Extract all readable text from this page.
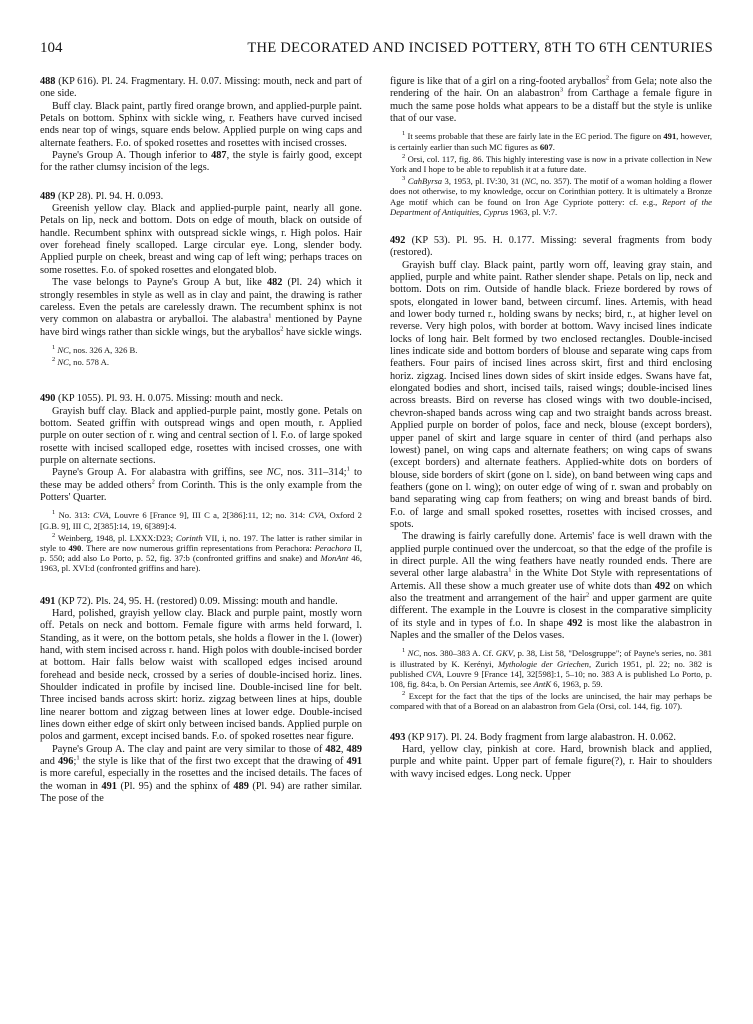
104	THE DECORATED AND INCISED POTTERY, 8TH TO 6TH CENTURIES

488 (KP 616). Pl. 24. Fragmentary. H. 0.07. Missing: mouth, neck and part of one side.

Buff clay. Black paint, partly fired orange brown, and applied-purple paint. Petals on bottom. Sphinx with sickle wing, r. Feathers have curved incised ends near top of wings, square ends below. Applied purple on wing caps and alternate feathers. F.o. of spoked rosettes and rosettes with incised crosses.

Payne's Group A. Though inferior to 487, the style is fairly good, except for the rather clumsy incision of the legs.

489 (KP 28). Pl. 94. H. 0.093.

Greenish yellow clay. Black and applied-purple paint, nearly all gone. Petals on lip, neck and bottom. Dots on edge of mouth, black on outside of handle. Recumbent sphinx with outspread sickle wings, r. High polos. Hair over forehead finely scalloped. Large circular eye. Long, slender body. Applied purple on cheek, breast and wing cap of left wing; perhaps traces on some rosettes. F.o. of spoked rosettes and elongated blob.

The vase belongs to Payne's Group A but, like 482 (Pl. 24) which it strongly resembles in style as well as in clay and paint, the drawing is rather careless. Even the petals are carelessly drawn. The recumbent sphinx is not very common on alabastra or aryballoi. The alabastra$^1$ mentioned by Payne have bird wings rather than sickle wings, but the aryballos$^2$ have sickle wings.

$^1$ NC, nos. 326 A, 326 B.

$^2$ NC, no. 578 A.

490 (KP 1055). Pl. 93. H. 0.075. Missing: mouth and neck.

Grayish buff clay. Black and applied-purple paint, mostly gone. Petals on bottom. Seated griffin with outspread wings and open mouth, r. Applied purple on outer section of r. wing and central section of l. F.o. of large spoked rosette with incised scalloped edge, rosettes with incised crosses, one with purple on alternate sections.

Payne's Group A. For alabastra with griffins, see NC, nos. 311–314;$^1$ to these may be added others$^2$ from Corinth. This is the only example from the Potters' Quarter.

$^1$ No. 313: CVA, Louvre 6 [France 9], III C a, 2[386]:11, 12; no. 314: CVA, Oxford 2 [G.B. 9], III C, 2[385]:14, 19, 6[389]:4.

$^2$ Weinberg, 1948, pl. LXXX:D23; Corinth VII, i, no. 197. The latter is rather similar in style to 490. There are now numerous griffin representations from Perachora: Perachora II, p. 550; add also Lo Porto, p. 52, fig. 37:b (confronted griffins and snake) and MonAnt 46, 1963, pl. XVI:d (confronted griffins and hare).

491 (KP 72). Pls. 24, 95. H. (restored) 0.09. Missing: mouth and handle.

Hard, polished, grayish yellow clay. Black and purple paint, mostly worn off. Petals on neck and bottom. Female figure with arms held forward, l. Standing, as it were, on the bottom petals, she holds a flower in the l. (lower) hand, with stem incised across r. hand. High polos with double-incised border at bottom. Hair falls below waist with scalloped edges incised around forehead and beside neck, crossed by a series of double-incised horiz. lines. Shoulder indicated in profile by incised line. Double-incised line for belt. Three incised bands across skirt: horiz. zigzag between lines at hips, double line nearer bottom and zigzag between lines at lower edge. Double-incised lines down either edge of skirt only between incised bands. Applied purple on polos and garment, except incised bands. F.o. of spoked rosettes near figure.

Payne's Group A. The clay and paint are very similar to those of 482, 489 and 496;$^1$ the style is like that of the first two except that the drawing of 491 is more careful, especially in the rosettes and the incised details. The faces of the woman in 491 (Pl. 95) and the sphinx of 489 (Pl. 94) are rather similar. The pose of the

figure is like that of a girl on a ring-footed aryballos$^2$ from Gela; note also the rendering of the hair. On an alabastron$^3$ from Carthage a female figure in much the same pose holds what appears to be a distaff but the style is unlike that of our vase.

$^1$ It seems probable that these are fairly late in the EC period. The figure on 491, however, is certainly earlier than such MC figures as 607.

$^2$ Orsi, col. 117, fig. 86. This highly interesting vase is now in a private collection in New York and I hope to be able to republish it at a future date.

$^3$ CahByrsa 3, 1953, pl. IV:30, 31 (NC, no. 357). The motif of a woman holding a flower does not otherwise, to my knowledge, occur on Corinthian pottery. It is ultimately a Bronze Age motif which can be found on Iron Age Cypriote pottery: cf. e.g., Report of the Department of Antiquities, Cyprus 1963, pl. V:7.

492 (KP 53). Pl. 95. H. 0.177. Missing: several fragments from body (restored).

Grayish buff clay. Black paint, partly worn off, leaving gray stain, and applied, purple and white paint. Rather slender shape. Petals on lip, neck and bottom. Dots on rim. Outside of handle black. Frieze bordered by rows of spots, elongated in lower band, between circumf. lines. Artemis, with head and lower body turned r., holding swans by necks; bird, r., at higher level on reverse. Very high polos, with border at bottom. Wavy incised lines indicate locks of long hair. Belt formed by two enclosed rectangles. Double-incised lines indicate side and bottom borders of blouse and separate wing caps from feathers. Four pairs of incised lines across skirt, first and third enclosing horiz. zigzag. Incised lines down sides of skirt inside edges. Swans have fat, elongated bodies and short, incised tails, raised wings; double-incised lines across breasts. Bird on reverse has closed wings with two double-incised, chevron-shaped bands across wing cap and two straight bands across breast. Applied purple on border of polos, face and neck, blouse (except borders), upper panel of skirt and large square in center of third (and perhaps also lowest) panel, on wing caps and alternate feathers; on wing caps of swans (except borders) and alternate feathers. Applied-white dots on borders of blouse, side borders of skirt (gone on l. side), on band between wing caps and feathers (gone on l. wing); on outer edge of wing of r. swan and probably on band separating wing cap from feathers; on wing and breast bands of bird. F.o. of large and small spoked rosettes, rosettes with incised crosses, and spots.

The drawing is fairly carefully done. Artemis' face is well drawn with the applied purple continued over the undercoat, so that the edge of the profile is in direct purple. All the wing feathers have neatly rounded ends. There are several other large alabastra$^1$ in the White Dot Style with representations of Artemis. All these show a much greater use of white dots than 492 on which also the treatment and arrangement of the hair$^2$ and upper garment are quite different. The example in the Louvre is closest in the comparative simplicity of its style and in types of f.o. In shape 492 is most like the alabastron in Naples and the smaller of the Delos vases.

$^1$ NC, nos. 380–383 A. Cf. GKV, p. 38, List 58, "Delosgruppe"; of Payne's series, no. 381 is illustrated by K. Kerényi, Mythologie der Griechen, Zurich 1951, pl. 22; no. 382 is published CVA, Louvre 9 [France 14], 32[598]:1, 5–10; no. 383 A is published Lo Porto, p. 108, fig. 84:a, b. On Persian Artemis, see AntK 6, 1963, p. 59.

$^2$ Except for the fact that the tips of the locks are unincised, the hair may perhaps be compared with that of a Boread on an alabastron from Gela (Orsi, col. 144, fig. 107).

493 (KP 917). Pl. 24. Body fragment from large alabastron. H. 0.062.

Hard, yellow clay, pinkish at core. Hard, brownish black and applied, purple and white paint. Upper part of female figure(?), r. Hair to shoulders with wavy incised edges. Long neck. Upper
